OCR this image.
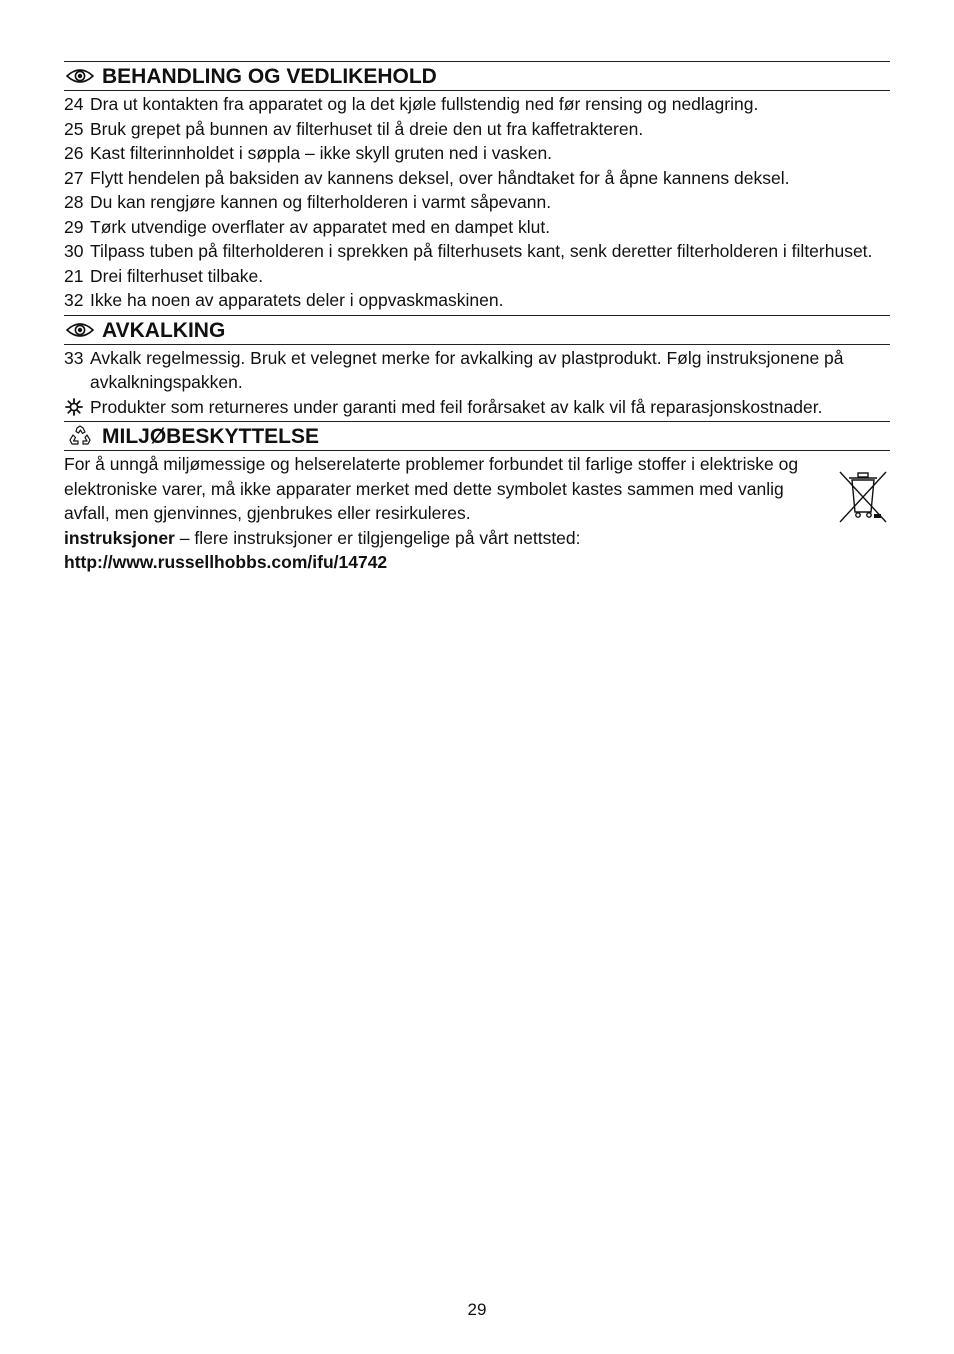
BEHANDLING OG VEDLIKEHOLD
24 Dra ut kontakten fra apparatet og la det kjøle fullstendig ned før rensing og nedlagring.
25 Bruk grepet på bunnen av filterhuset til å dreie den ut fra kaffetrakteren.
26 Kast filterinnholdet i søppla – ikke skyll gruten ned i vasken.
27 Flytt hendelen på baksiden av kannens deksel, over håndtaket for å åpne kannens deksel.
28 Du kan rengjøre kannen og filterholderen i varmt såpevann.
29 Tørk utvendige overflater av apparatet med en dampet klut.
30 Tilpass tuben på filterholderen i sprekken på filterhusets kant, senk deretter filterholderen i filterhuset.
21 Drei filterhuset tilbake.
32 Ikke ha noen av apparatets deler i oppvaskmaskinen.
AVKALKING
33 Avkalk regelmessig. Bruk et velegnet merke for avkalking av plastprodukt. Følg instruksjonene på avkalkningspakken.
Produkter som returneres under garanti med feil forårsaket av kalk vil få reparasjonskostnader.
MILJØBESKYTTELSE

For å unngå miljømessige og helserelaterte problemer forbundet til farlige stoffer i elektriske og elektroniske varer, må ikke apparater merket med dette symbolet kastes sammen med vanlig avfall, men gjenvinnes, gjenbrukes eller resirkuleres.

instruksjoner – flere instruksjoner er tilgjengelige på vårt nettsted:

http://www.russellhobbs.com/ifu/14742

29
